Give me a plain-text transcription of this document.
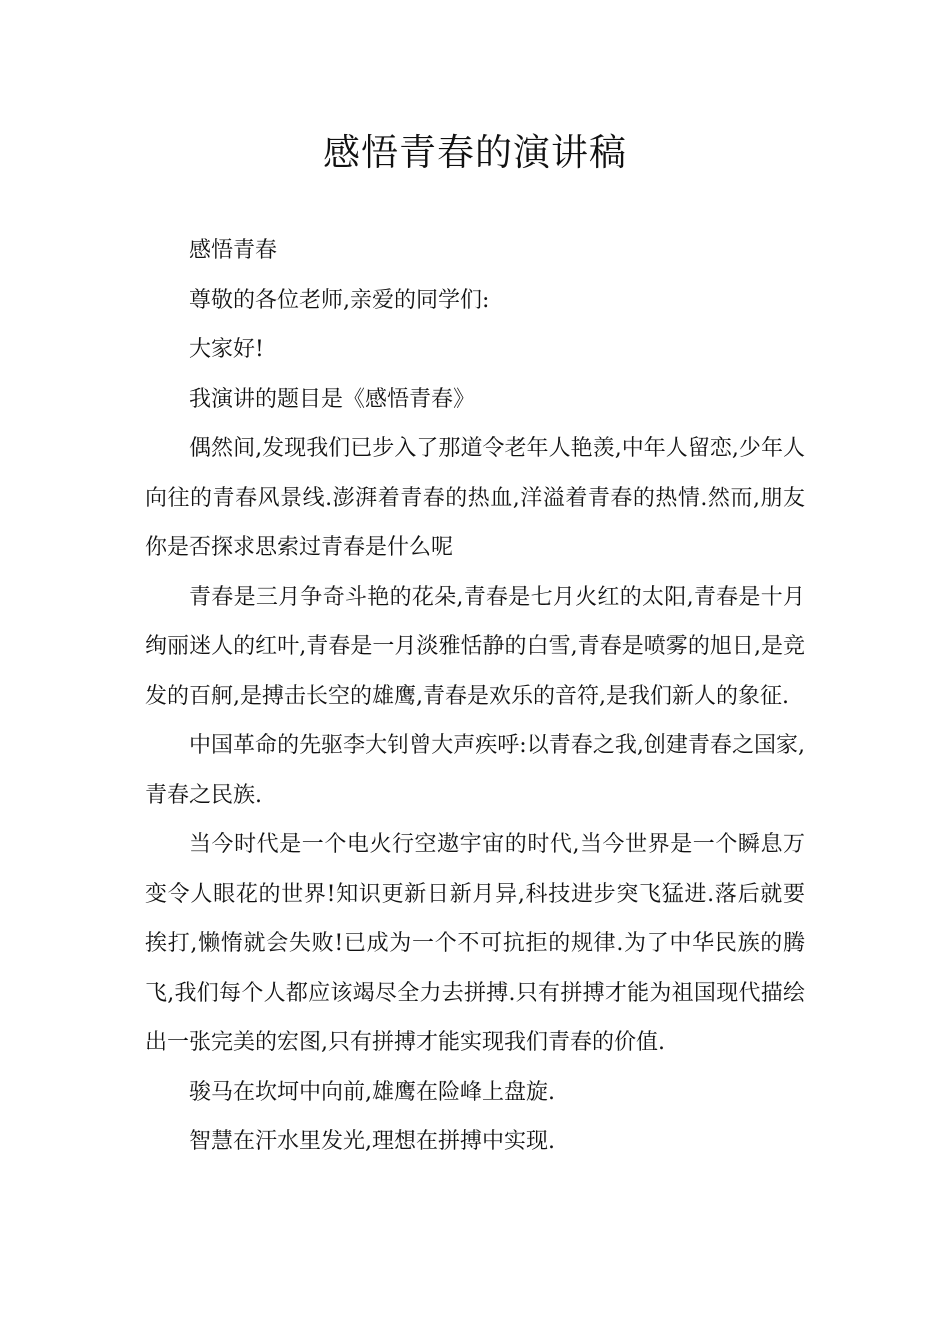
感悟青春的演讲稿

感悟青春

尊敬的各位老师,亲爱的同学们:

大家好!

我演讲的题目是《感悟青春》

偶然间,发现我们已步入了那道令老年人艳羡,中年人留恋,少年人向往的青春风景线.澎湃着青春的热血,洋溢着青春的热情.然而,朋友你是否探求思索过青春是什么呢

青春是三月争奇斗艳的花朵,青春是七月火红的太阳,青春是十月绚丽迷人的红叶,青春是一月淡雅恬静的白雪,青春是喷雾的旭日,是竞发的百舸,是搏击长空的雄鹰,青春是欢乐的音符,是我们新人的象征.

中国革命的先驱李大钊曾大声疾呼:以青春之我,创建青春之国家,青春之民族.

当今时代是一个电火行空遨宇宙的时代,当今世界是一个瞬息万变令人眼花的世界!知识更新日新月异,科技进步突飞猛进.落后就要挨打,懒惰就会失败!已成为一个不可抗拒的规律.为了中华民族的腾飞,我们每个人都应该竭尽全力去拼搏.只有拼搏才能为祖国现代描绘出一张完美的宏图,只有拼搏才能实现我们青春的价值.

骏马在坎坷中向前,雄鹰在险峰上盘旋.

智慧在汗水里发光,理想在拼搏中实现.
